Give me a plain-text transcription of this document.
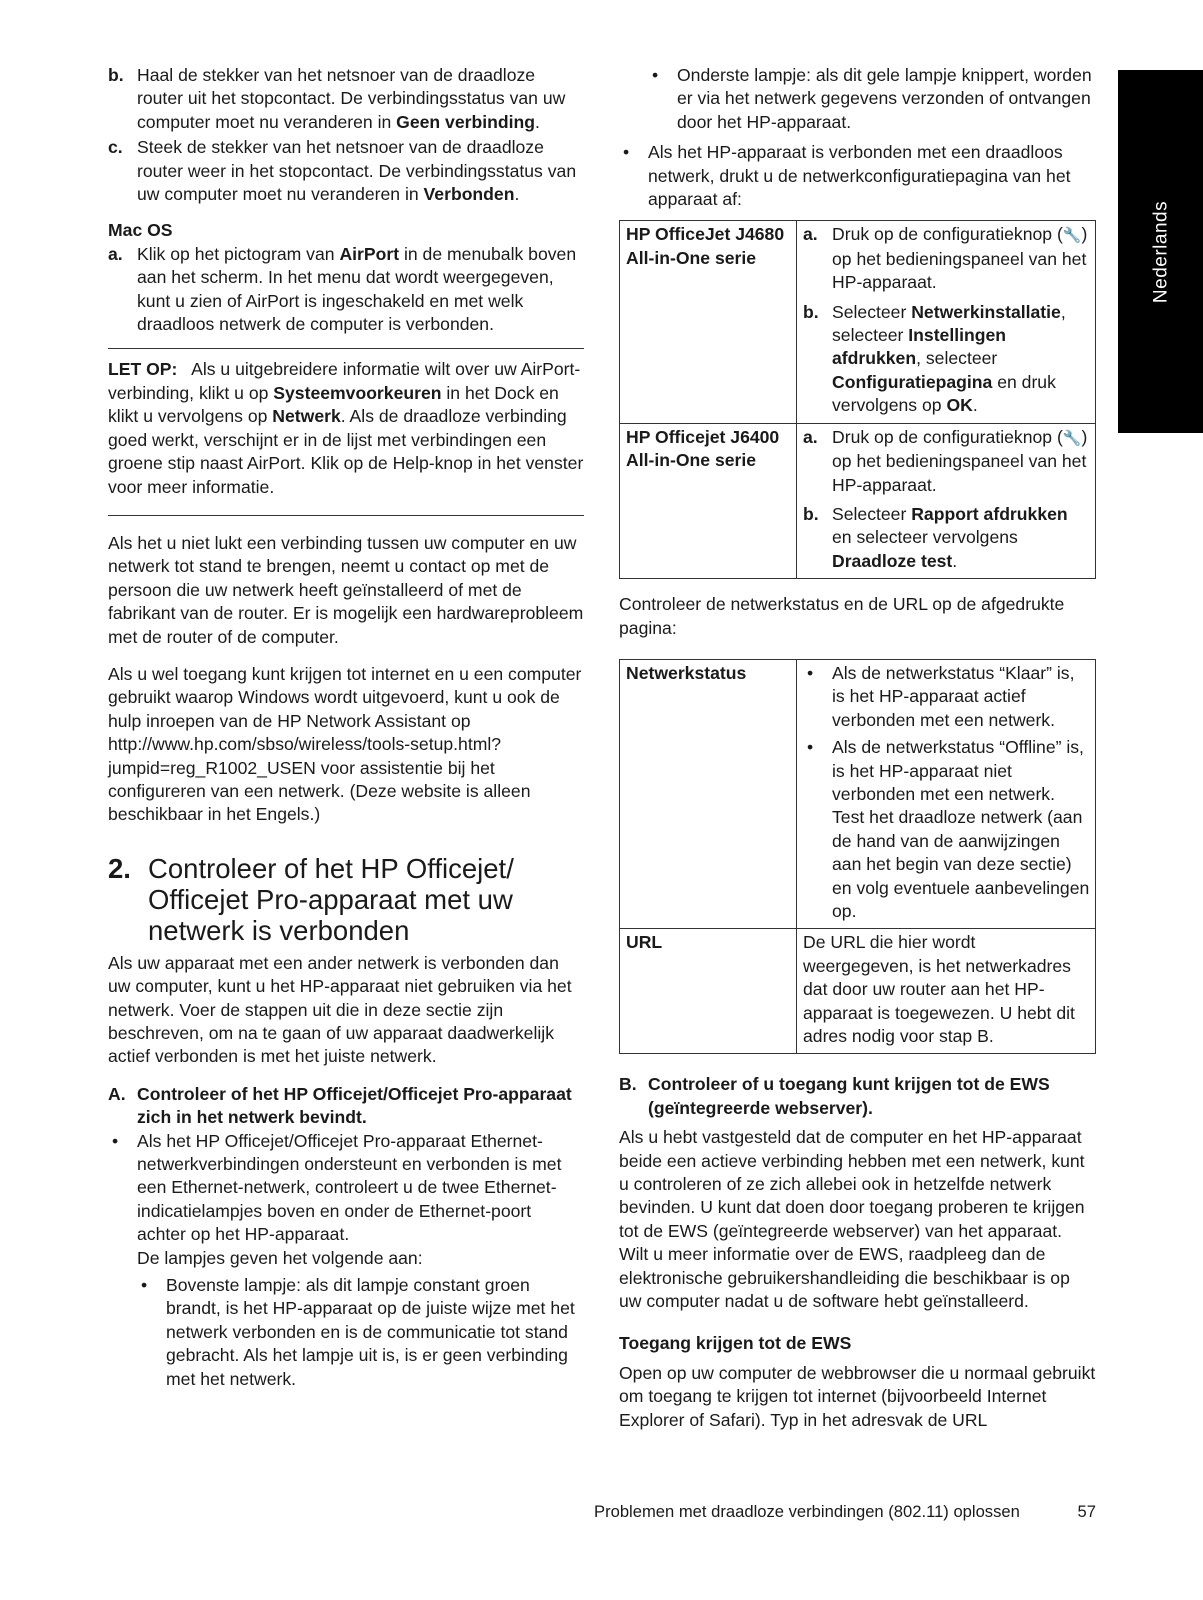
Nederlands
b. Haal de stekker van het netsnoer van de draadloze router uit het stopcontact. De verbindingsstatus van uw computer moet nu veranderen in Geen verbinding.
c. Steek de stekker van het netsnoer van de draadloze router weer in het stopcontact. De verbindingsstatus van uw computer moet nu veranderen in Verbonden.

Mac OS

a. Klik op het pictogram van AirPort in de menubalk boven aan het scherm. In het menu dat wordt weergegeven, kunt u zien of AirPort is ingeschakeld en met welk draadloos netwerk de computer is verbonden.
LET OP:   Als u uitgebreidere informatie wilt over uw AirPort-verbinding, klikt u op Systeemvoorkeuren in het Dock en klikt u vervolgens op Netwerk. Als de draadloze verbinding goed werkt, verschijnt er in de lijst met verbindingen een groene stip naast AirPort. Klik op de Help-knop in het venster voor meer informatie.

Als het u niet lukt een verbinding tussen uw computer en uw netwerk tot stand te brengen, neemt u contact op met de persoon die uw netwerk heeft geïnstalleerd of met de fabrikant van de router. Er is mogelijk een hardwareprobleem met de router of de computer.

Als u wel toegang kunt krijgen tot internet en u een computer gebruikt waarop Windows wordt uitgevoerd, kunt u ook de hulp inroepen van de HP Network Assistant op http://www.hp.com/sbso/wireless/tools-setup.html?jumpid=reg_R1002_USEN voor assistentie bij het configureren van een netwerk. (Deze website is alleen beschikbaar in het Engels.)

2. Controleer of het HP Officejet/ Officejet Pro-apparaat met uw netwerk is verbonden

Als uw apparaat met een ander netwerk is verbonden dan uw computer, kunt u het HP-apparaat niet gebruiken via het netwerk. Voer de stappen uit die in deze sectie zijn beschreven, om na te gaan of uw apparaat daadwerkelijk actief verbonden is met het juiste netwerk.

A. Controleer of het HP Officejet/Officejet Pro-apparaat zich in het netwerk bevindt.
• Als het HP Officejet/Officejet Pro-apparaat Ethernet-netwerkverbindingen ondersteunt en verbonden is met een Ethernet-netwerk, controleert u de twee Ethernet-indicatielampjes boven en onder de Ethernet-poort achter op het HP-apparaat.
De lampjes geven het volgende aan:
• Bovenste lampje: als dit lampje constant groen brandt, is het HP-apparaat op de juiste wijze met het netwerk verbonden en is de communicatie tot stand gebracht. Als het lampje uit is, is er geen verbinding met het netwerk.
• Onderste lampje: als dit gele lampje knippert, worden er via het netwerk gegevens verzonden of ontvangen door het HP-apparaat.
• Als het HP-apparaat is verbonden met een draadloos netwerk, drukt u de netwerkconfiguratiepagina van het apparaat af:
HP OfficeJet J4680 All-in-One serie	a. Druk op de configuratieknop (🔧) op het bedieningspaneel van het HP-apparaat.
b. Selecteer Netwerkinstallatie, selecteer Instellingen afdrukken, selecteer Configuratiepagina en druk vervolgens op OK.

HP Officejet J6400 All-in-One serie	a. Druk op de configuratieknop (🔧) op het bedieningspaneel van het HP-apparaat.
b. Selecteer Rapport afdrukken en selecteer vervolgens Draadloze test.

Controleer de netwerkstatus en de URL op de afgedrukte pagina:

Netwerkstatus	• Als de netwerkstatus “Klaar” is, is het HP-apparaat actief verbonden met een netwerk.
• Als de netwerkstatus “Offline” is, is het HP-apparaat niet verbonden met een netwerk. Test het draadloze netwerk (aan de hand van de aanwijzingen aan het begin van deze sectie) en volg eventuele aanbevelingen op.

URL	De URL die hier wordt weergegeven, is het netwerkadres dat door uw router aan het HP-apparaat is toegewezen. U hebt dit adres nodig voor stap B.
B. Controleer of u toegang kunt krijgen tot de EWS (geïntegreerde webserver).

Als u hebt vastgesteld dat de computer en het HP-apparaat beide een actieve verbinding hebben met een netwerk, kunt u controleren of ze zich allebei ook in hetzelfde netwerk bevinden. U kunt dat doen door toegang proberen te krijgen tot de EWS (geïntegreerde webserver) van het apparaat. Wilt u meer informatie over de EWS, raadpleeg dan de elektronische gebruikershandleiding die beschikbaar is op uw computer nadat u de software hebt geïnstalleerd.

Toegang krijgen tot de EWS

Open op uw computer de webbrowser die u normaal gebruikt om toegang te krijgen tot internet (bijvoorbeeld Internet Explorer of Safari). Typ in het adresvak de URL

Problemen met draadloze verbindingen (802.11) oplossen	57
